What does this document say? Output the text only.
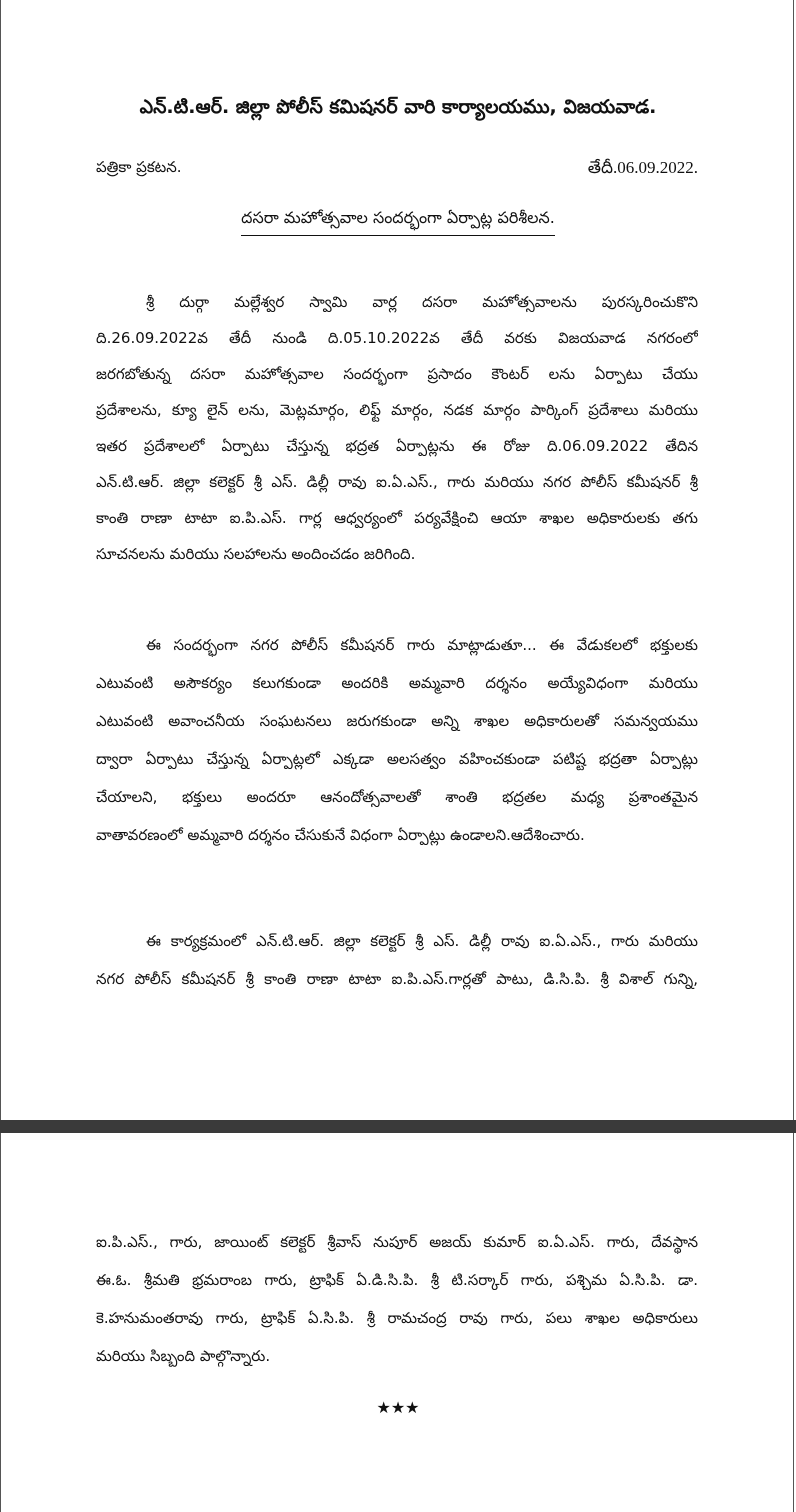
ఎన్.టి.ఆర్. జిల్లా పోలీస్ కమిషనర్ వారి కార్యాలయము, విజయవాడ.
పత్రికా ప్రకటన.	తేదీ.06.09.2022.
దసరా మహోత్సవాల సందర్భంగా ఏర్పాట్ల పరిశీలన.
శ్రీ దుర్గా మల్లేశ్వర స్వామి వార్ల దసరా మహోత్సవాలను పురస్కరించుకొని
ది.26.09.2022వ తేదీ నుండి ది.05.10.2022వ తేదీ వరకు విజయవాడ నగరంలో
జరగబోతున్న దసరా మహోత్సవాల సందర్భంగా ప్రసాదం కౌంటర్ లను ఏర్పాటు చేయు
ప్రదేశాలను, క్యూ లైన్ లను, మెట్లమార్గం, లిఫ్ట్ మార్గం, నడక మార్గం పార్కింగ్ ప్రదేశాలు మరియు
ఇతర ప్రదేశాలలో ఏర్పాటు చేస్తున్న భద్రత ఏర్పాట్లను ఈ రోజు ది.06.09.2022 తేదిన
ఎన్.టి.ఆర్. జిల్లా కలెక్టర్ శ్రీ ఎస్. డిల్లీ రావు ఐ.ఏ.ఎస్., గారు మరియు నగర పోలీస్ కమీషనర్ శ్రీ
కాంతి రాణా టాటా ఐ.పి.ఎస్. గార్ల ఆధ్వర్యంలో పర్యవేక్షించి ఆయా శాఖల అధికారులకు తగు
సూచనలను మరియు సలహాలను అందించడం జరిగింది.
ఈ సందర్భంగా నగర పోలీస్ కమీషనర్ గారు మాట్లాడుతూ... ఈ వేడుకలలో భక్తులకు
ఎటువంటి అసౌకర్యం కలుగకుండా అందరికి అమ్మవారి దర్శనం అయ్యేవిధంగా మరియు
ఎటువంటి అవాంచనీయ సంఘటనలు జరుగకుండా అన్ని శాఖల అధికారులతో సమన్వయము
ద్వారా ఏర్పాటు చేస్తున్న ఏర్పాట్లలో ఎక్కడా అలసత్వం వహించకుండా పటిష్ట భద్రతా ఏర్పాట్లు
చేయాలని, భక్తులు అందరూ ఆనందోత్సవాలతో శాంతి భద్రతల మధ్య ప్రశాంతమైన
వాతావరణంలో అమ్మవారి దర్శనం చేసుకునే విధంగా ఏర్పాట్లు ఉండాలని.ఆదేశించారు.
ఈ కార్యక్రమంలో ఎన్.టి.ఆర్. జిల్లా కలెక్టర్ శ్రీ ఎస్. డిల్లీ రావు ఐ.ఏ.ఎస్., గారు మరియు
నగర పోలీస్ కమీషనర్ శ్రీ కాంతి రాణా టాటా ఐ.పి.ఎస్.గార్లతో పాటు, డి.సి.పి. శ్రీ విశాల్ గున్ని,
ఐ.పి.ఎస్., గారు, జాయింట్ కలెక్టర్ శ్రీవాస్ నుపూర్ అజయ్ కుమార్ ఐ.ఏ.ఎస్. గారు, దేవస్థాన
ఈ.ఓ. శ్రీమతి భ్రమరాంబ గారు, ట్రాఫిక్ ఏ.డి.సి.పి. శ్రీ టి.సర్కార్ గారు, పశ్చిమ ఏ.సి.పి. డా.
కె.హనుమంతరావు గారు, ట్రాఫిక్ ఏ.సి.పి. శ్రీ రామచంద్ర రావు గారు, పలు శాఖల అధికారులు
మరియు సిబ్బంది పాల్గొన్నారు.
★★★
